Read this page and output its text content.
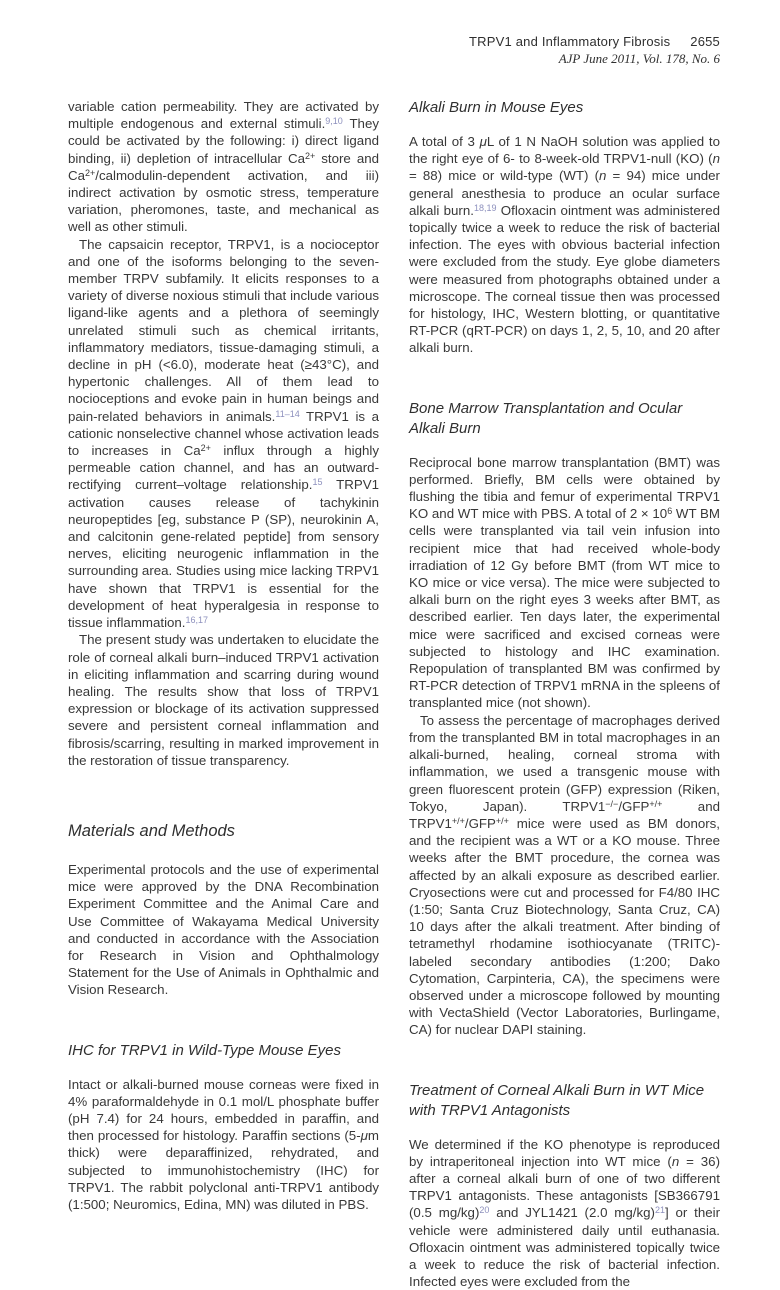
TRPV1 and Inflammatory Fibrosis 2655
AJP June 2011, Vol. 178, No. 6

variable cation permeability. They are activated by multiple endogenous and external stimuli.$^{9,10}$ They could be activated by the following: i) direct ligand binding, ii) depletion of intracellular $Ca^{2+}$ store and $Ca^{2+}/calmodulin$-dependent activation, and iii) indirect activation by osmotic stress, temperature variation, pheromones, taste, and mechanical as well as other stimuli.

The capsaicin receptor, TRPV1, is a nocioceptor and one of the isoforms belonging to the seven-member TRPV subfamily. It elicits responses to a variety of diverse noxious stimuli that include various ligand-like agents and a plethora of seemingly unrelated stimuli such as chemical irritants, inflammatory mediators, tissue-damaging stimuli, a decline in pH (<6.0), moderate heat (≥43°C), and hypertonic challenges. All of them lead to nocioceptions and evoke pain in human beings and pain-related behaviors in animals.$^{11-14}$ TRPV1 is a cationic nonselective channel whose activation leads to increases in $Ca^{2+}$ influx through a highly permeable cation channel, and has an outward-rectifying current–voltage relationship.$^{15}$ TRPV1 activation causes release of tachykinin neuropeptides [eg, substance P (SP), neurokinin A, and calcitonin gene-related peptide] from sensory nerves, eliciting neurogenic inflammation in the surrounding area. Studies using mice lacking TRPV1 have shown that TRPV1 is essential for the development of heat hyperalgesia in response to tissue inflammation.$^{16,17}$

The present study was undertaken to elucidate the role of corneal alkali burn–induced TRPV1 activation in eliciting inflammation and scarring during wound healing. The results show that loss of TRPV1 expression or blockage of its activation suppressed severe and persistent corneal inflammation and fibrosis/scarring, resulting in marked improvement in the restoration of tissue transparency.

Materials and Methods

Experimental protocols and the use of experimental mice were approved by the DNA Recombination Experiment Committee and the Animal Care and Use Committee of Wakayama Medical University and conducted in accordance with the Association for Research in Vision and Ophthalmology Statement for the Use of Animals in Ophthalmic and Vision Research.

IHC for TRPV1 in Wild-Type Mouse Eyes

Intact or alkali-burned mouse corneas were fixed in 4% paraformaldehyde in 0.1 mol/L phosphate buffer (pH 7.4) for 24 hours, embedded in paraffin, and then processed for histology. Paraffin sections (5-μm thick) were deparaffinized, rehydrated, and subjected to immunohistochemistry (IHC) for TRPV1. The rabbit polyclonal anti-TRPV1 antibody (1:500; Neuromics, Edina, MN) was diluted in PBS.

Alkali Burn in Mouse Eyes

A total of 3 μL of 1 N NaOH solution was applied to the right eye of 6- to 8-week-old TRPV1-null (KO) (n = 88) mice or wild-type (WT) (n = 94) mice under general anesthesia to produce an ocular surface alkali burn.$^{18,19}$ Ofloxacin ointment was administered topically twice a week to reduce the risk of bacterial infection. The eyes with obvious bacterial infection were excluded from the study. Eye globe diameters were measured from photographs obtained under a microscope. The corneal tissue then was processed for histology, IHC, Western blotting, or quantitative RT-PCR (qRT-PCR) on days 1, 2, 5, 10, and 20 after alkali burn.

Bone Marrow Transplantation and Ocular Alkali Burn

Reciprocal bone marrow transplantation (BMT) was performed. Briefly, BM cells were obtained by flushing the tibia and femur of experimental TRPV1 KO and WT mice with PBS. A total of $2 \times 10^6$ WT BM cells were transplanted via tail vein infusion into recipient mice that had received whole-body irradiation of 12 Gy before BMT (from WT mice to KO mice or vice versa). The mice were subjected to alkali burn on the right eyes 3 weeks after BMT, as described earlier. Ten days later, the experimental mice were sacrificed and excised corneas were subjected to histology and IHC examination. Repopulation of transplanted BM was confirmed by RT-PCR detection of TRPV1 mRNA in the spleens of transplanted mice (not shown).

To assess the percentage of macrophages derived from the transplanted BM in total macrophages in an alkali-burned, healing, corneal stroma with inflammation, we used a transgenic mouse with green fluorescent protein (GFP) expression (Riken, Tokyo, Japan). TRPV1−/−/GFP+/+ and TRPV1+/+/GFP+/+ mice were used as BM donors, and the recipient was a WT or a KO mouse. Three weeks after the BMT procedure, the cornea was affected by an alkali exposure as described earlier. Cryosections were cut and processed for F4/80 IHC (1:50; Santa Cruz Biotechnology, Santa Cruz, CA) 10 days after the alkali treatment. After binding of tetramethyl rhodamine isothiocyanate (TRITC)-labeled secondary antibodies (1:200; Dako Cytomation, Carpinteria, CA), the specimens were observed under a microscope followed by mounting with VectaShield (Vector Laboratories, Burlingame, CA) for nuclear DAPI staining.

Treatment of Corneal Alkali Burn in WT Mice with TRPV1 Antagonists

We determined if the KO phenotype is reproduced by intraperitoneal injection into WT mice (n = 36) after a corneal alkali burn of one of two different TRPV1 antagonists. These antagonists [SB366791 (0.5 mg/kg)$^{20}$ and JYL1421 (2.0 mg/kg)$^{21}$] or their vehicle were administered daily until euthanasia. Ofloxacin ointment was administered topically twice a week to reduce the risk of bacterial infection. Infected eyes were excluded from the
